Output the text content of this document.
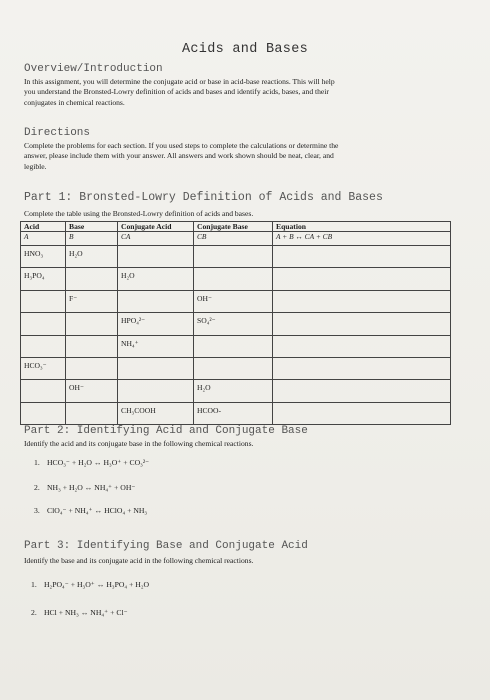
Acids and Bases
Overview/Introduction
In this assignment, you will determine the conjugate acid or base in acid-base reactions. This will help
you understand the Bronsted-Lowry definition of acids and bases and identify acids, bases, and their
conjugates in chemical reactions.
Directions
Complete the problems for each section. If you used steps to complete the calculations or determine the
answer, please include them with your answer. All answers and work shown should be neat, clear, and
legible.
Part 1: Bronsted-Lowry Definition of Acids and Bases
Complete the table using the Bronsted-Lowry definition of acids and bases.
Acid	Base	Conjugate Acid	Conjugate Base	Equation
A	B	CA	CB	A + B ↔ CA + CB
HNO₃	H₂O			
H₃PO₄		H₂O		
	F⁻		OH⁻	
		HPO₄²⁻	SO₄²⁻	
		NH₄⁺		
HCO₃⁻				
	OH⁻		H₂O	
		CH₃COOH	HCOO-	
Part 2: Identifying Acid and Conjugate Base
Identify the acid and its conjugate base in the following chemical reactions.
1. HCO₃⁻ + H₂O ↔ H₃O⁺ + CO₃²⁻
2. NH₃ + H₂O ↔ NH₄⁺ + OH⁻
3. ClO₄⁻ + NH₄⁺ ↔ HClO₄ + NH₃
Part 3: Identifying Base and Conjugate Acid
Identify the base and its conjugate acid in the following chemical reactions.
1. H₂PO₄⁻ + H₃O⁺ ↔ H₃PO₄ + H₂O
2. HCl + NH₃ ↔ NH₄⁺ + Cl⁻
